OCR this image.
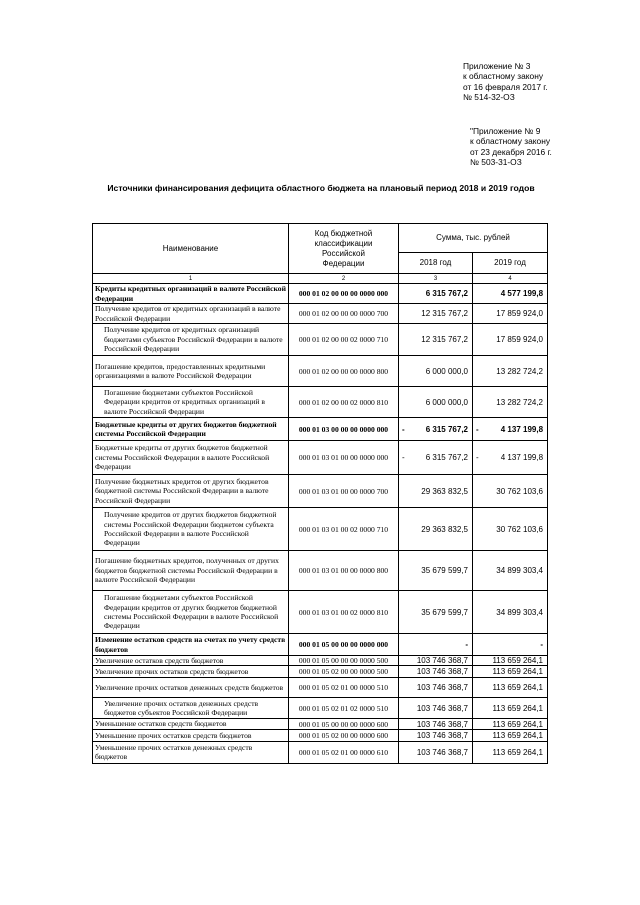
Приложение № 3
к областному закону
от 16 февраля 2017 г.
№ 514-32-ОЗ
"Приложение № 9
к областному закону
от 23 декабря 2016 г.
№ 503-31-ОЗ
Источники финансирования дефицита областного бюджета на плановый период 2018 и 2019 годов
Наименование	Код бюджетной классификации Российской Федерации	Сумма, тыс. рублей	
		2018 год	2019 год
1	2	3	4
Кредиты кредитных организаций в валюте Российской Федерации	000 01 02 00 00 00 0000 000	6 315 767,2	4 577 199,8
Получение кредитов от кредитных организаций в валюте Российской Федерации	000 01 02 00 00 00 0000 700	12 315 767,2	17 859 924,0
Получение кредитов от кредитных организаций бюджетами субъектов Российской Федерации в валюте Российской Федерации	000 01 02 00 00 02 0000 710	12 315 767,2	17 859 924,0
Погашение кредитов, предоставленных кредитными организациями в валюте Российской Федерации	000 01 02 00 00 00 0000 800	6 000 000,0	13 282 724,2
Погашение бюджетами субъектов Российской Федерации кредитов от кредитных организаций в валюте Российской Федерации	000 01 02 00 00 02 0000 810	6 000 000,0	13 282 724,2
Бюджетные кредиты от других бюджетов бюджетной системы Российской Федерации	000 01 03 00 00 00 0000 000	- 6 315 767,2	- 4 137 199,8
Бюджетные кредиты от других бюджетов бюджетной системы Российской Федерации в валюте Российской Федерации	000 01 03 01 00 00 0000 000	- 6 315 767,2	- 4 137 199,8
Получение бюджетных кредитов от других бюджетов бюджетной системы Российской Федерации в валюте Российской Федерации	000 01 03 01 00 00 0000 700	29 363 832,5	30 762 103,6
Получение кредитов от других бюджетов бюджетной системы Российской Федерации бюджетом субъекта Российской Федерации в валюте Российской Федерации	000 01 03 01 00 02 0000 710	29 363 832,5	30 762 103,6
Погашение бюджетных кредитов, полученных от других бюджетов бюджетной системы Российской Федерации в валюте Российской Федерации	000 01 03 01 00 00 0000 800	35 679 599,7	34 899 303,4
Погашение бюджетами субъектов Российской Федерации кредитов от других бюджетов бюджетной системы Российской Федерации в валюте Российской Федерации	000 01 03 01 00 02 0000 810	35 679 599,7	34 899 303,4
Изменение остатков средств на счетах по учету средств бюджетов	000 01 05 00 00 00 0000 000	-	-
Увеличение остатков средств бюджетов	000 01 05 00 00 00 0000 500	103 746 368,7	113 659 264,1
Увеличение прочих остатков средств бюджетов	000 01 05 02 00 00 0000 500	103 746 368,7	113 659 264,1
Увеличение прочих остатков денежных средств бюджетов	000 01 05 02 01 00 0000 510	103 746 368,7	113 659 264,1
Увеличение прочих остатков денежных средств бюджетов субъектов Российской Федерации	000 01 05 02 01 02 0000 510	103 746 368,7	113 659 264,1
Уменьшение остатков средств бюджетов	000 01 05 00 00 00 0000 600	103 746 368,7	113 659 264,1
Уменьшение прочих остатков средств бюджетов	000 01 05 02 00 00 0000 600	103 746 368,7	113 659 264,1
Уменьшение прочих остатков денежных средств бюджетов	000 01 05 02 01 00 0000 610	103 746 368,7	113 659 264,1
